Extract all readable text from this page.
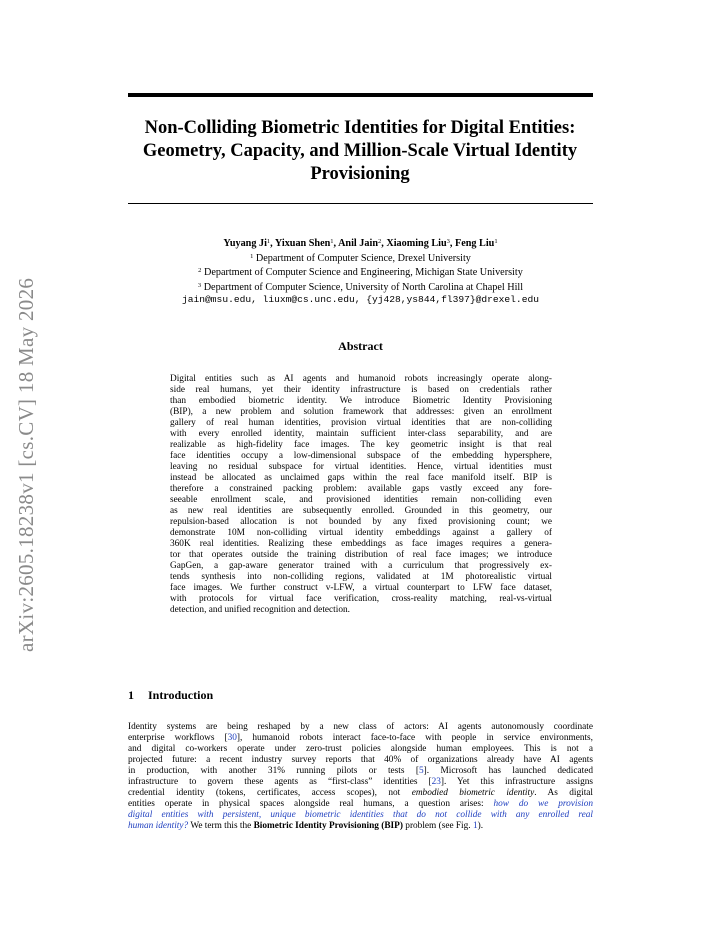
arXiv:2605.18238v1 [cs.CV] 18 May 2026
Non-Colliding Biometric Identities for Digital Entities:
Geometry, Capacity, and Million-Scale Virtual Identity
Provisioning
Yuyang Ji$^1$, Yixuan Shen$^1$, Anil Jain$^2$, Xiaoming Liu$^3$, Feng Liu$^1$
$^1$ Department of Computer Science, Drexel University
$^2$ Department of Computer Science and Engineering, Michigan State University
$^3$ Department of Computer Science, University of North Carolina at Chapel Hill
jain@msu.edu, liuxm@cs.unc.edu, {yj428,ys844,fl397}@drexel.edu
Abstract
Digital entities such as AI agents and humanoid robots increasingly operate along-
side real humans, yet their identity infrastructure is based on credentials rather
than embodied biometric identity. We introduce Biometric Identity Provisioning
(BIP), a new problem and solution framework that addresses: given an enrollment
gallery of real human identities, provision virtual identities that are non-colliding
with every enrolled identity, maintain sufficient inter-class separability, and are
realizable as high-fidelity face images. The key geometric insight is that real
face identities occupy a low-dimensional subspace of the embedding hypersphere,
leaving no residual subspace for virtual identities. Hence, virtual identities must
instead be allocated as unclaimed gaps within the real face manifold itself. BIP is
therefore a constrained packing problem: available gaps vastly exceed any fore-
seeable enrollment scale, and provisioned identities remain non-colliding even
as new real identities are subsequently enrolled. Grounded in this geometry, our
repulsion-based allocation is not bounded by any fixed provisioning count; we
demonstrate 10M non-colliding virtual identity embeddings against a gallery of
360K real identities. Realizing these embeddings as face images requires a genera-
tor that operates outside the training distribution of real face images; we introduce
GapGen, a gap-aware generator trained with a curriculum that progressively ex-
tends synthesis into non-colliding regions, validated at 1M photorealistic virtual
face images. We further construct v-LFW, a virtual counterpart to LFW face dataset,
with protocols for virtual face verification, cross-reality matching, real-vs-virtual
detection, and unified recognition and detection.
1 Introduction
Identity systems are being reshaped by a new class of actors: AI agents autonomously coordinate
enterprise workflows [30], humanoid robots interact face-to-face with people in service environments,
and digital co-workers operate under zero-trust policies alongside human employees. This is not a
projected future: a recent industry survey reports that 40% of organizations already have AI agents
in production, with another 31% running pilots or tests [5]. Microsoft has launched dedicated
infrastructure to govern these agents as “first-class” identities [23]. Yet this infrastructure assigns
credential identity (tokens, certificates, access scopes), not embodied biometric identity. As digital
entities operate in physical spaces alongside real humans, a question arises: how do we provision
digital entities with persistent, unique biometric identities that do not collide with any enrolled real
human identity? We term this the Biometric Identity Provisioning (BIP) problem (see Fig. 1).
